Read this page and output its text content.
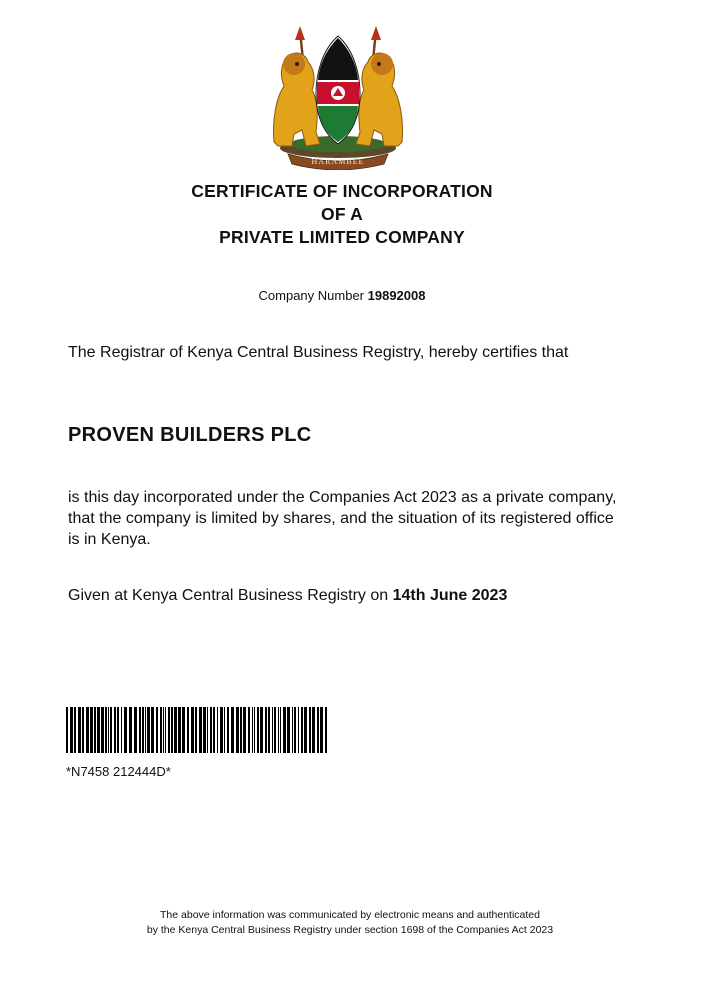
HARAMBEE
CERTIFICATE OF INCORPORATION
OF A
PRIVATE LIMITED COMPANY
Company Number 19892008
The Registrar of Kenya Central Business Registry, hereby certifies that
PROVEN BUILDERS PLC
is this day incorporated under the Companies Act 2023 as a private company, that the company is limited by shares, and the situation of its registered office is in Kenya.
Given at Kenya Central Business Registry on 14th June 2023
*N7458 212444D*
The above information was communicated by electronic means and authenticated
by the Kenya Central Business Registry under section 1698 of the Companies Act 2023
